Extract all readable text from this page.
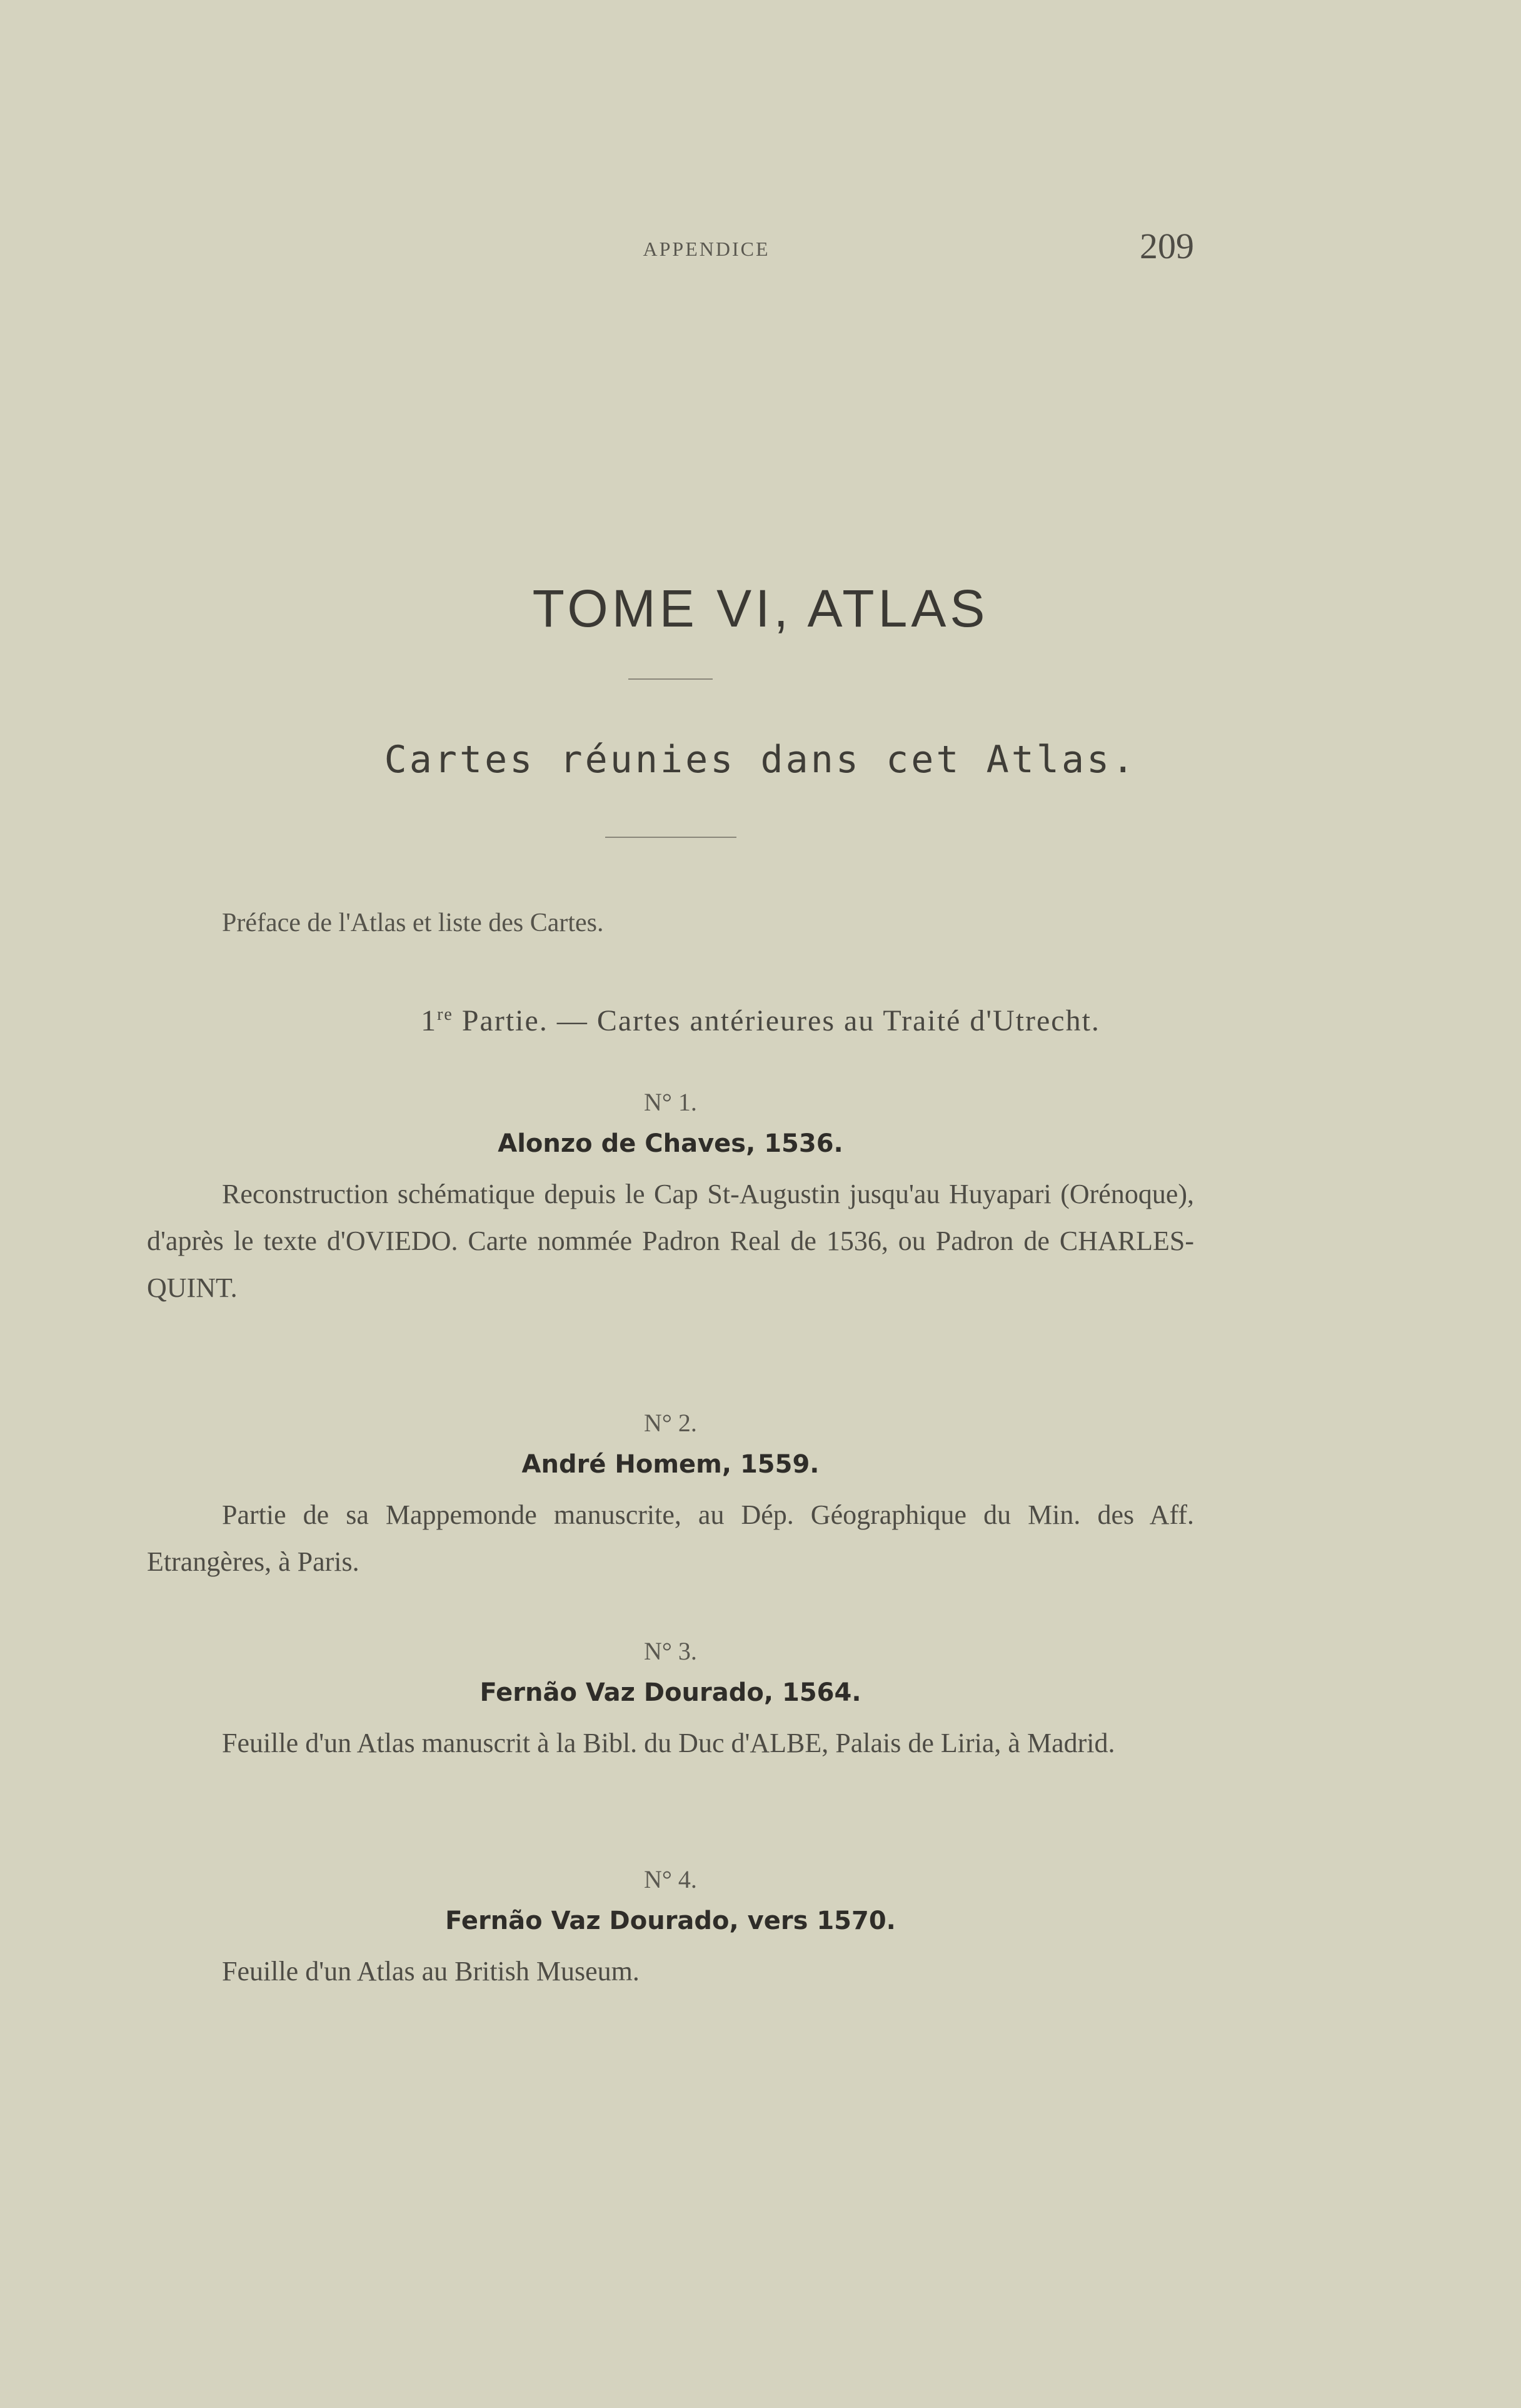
APPENDICE	209
TOME VI, ATLAS
Cartes réunies dans cet Atlas.
Préface de l'Atlas et liste des Cartes.
1re Partie. — Cartes antérieures au Traité d'Utrecht.
N° 1.
Alonzo de Chaves, 1536.
Reconstruction schématique depuis le Cap St-Augustin jusqu'au Huyapari (Orénoque), d'après le texte d'OVIEDO. Carte nommée Padron Real de 1536, ou Padron de CHARLES-QUINT.
N° 2.
André Homem, 1559.
Partie de sa Mappemonde manuscrite, au Dép. Géographique du Min. des Aff. Etrangères, à Paris.
N° 3.
Fernão Vaz Dourado, 1564.
Feuille d'un Atlas manuscrit à la Bibl. du Duc d'ALBE, Palais de Liria, à Madrid.
N° 4.
Fernão Vaz Dourado, vers 1570.
Feuille d'un Atlas au British Museum.
